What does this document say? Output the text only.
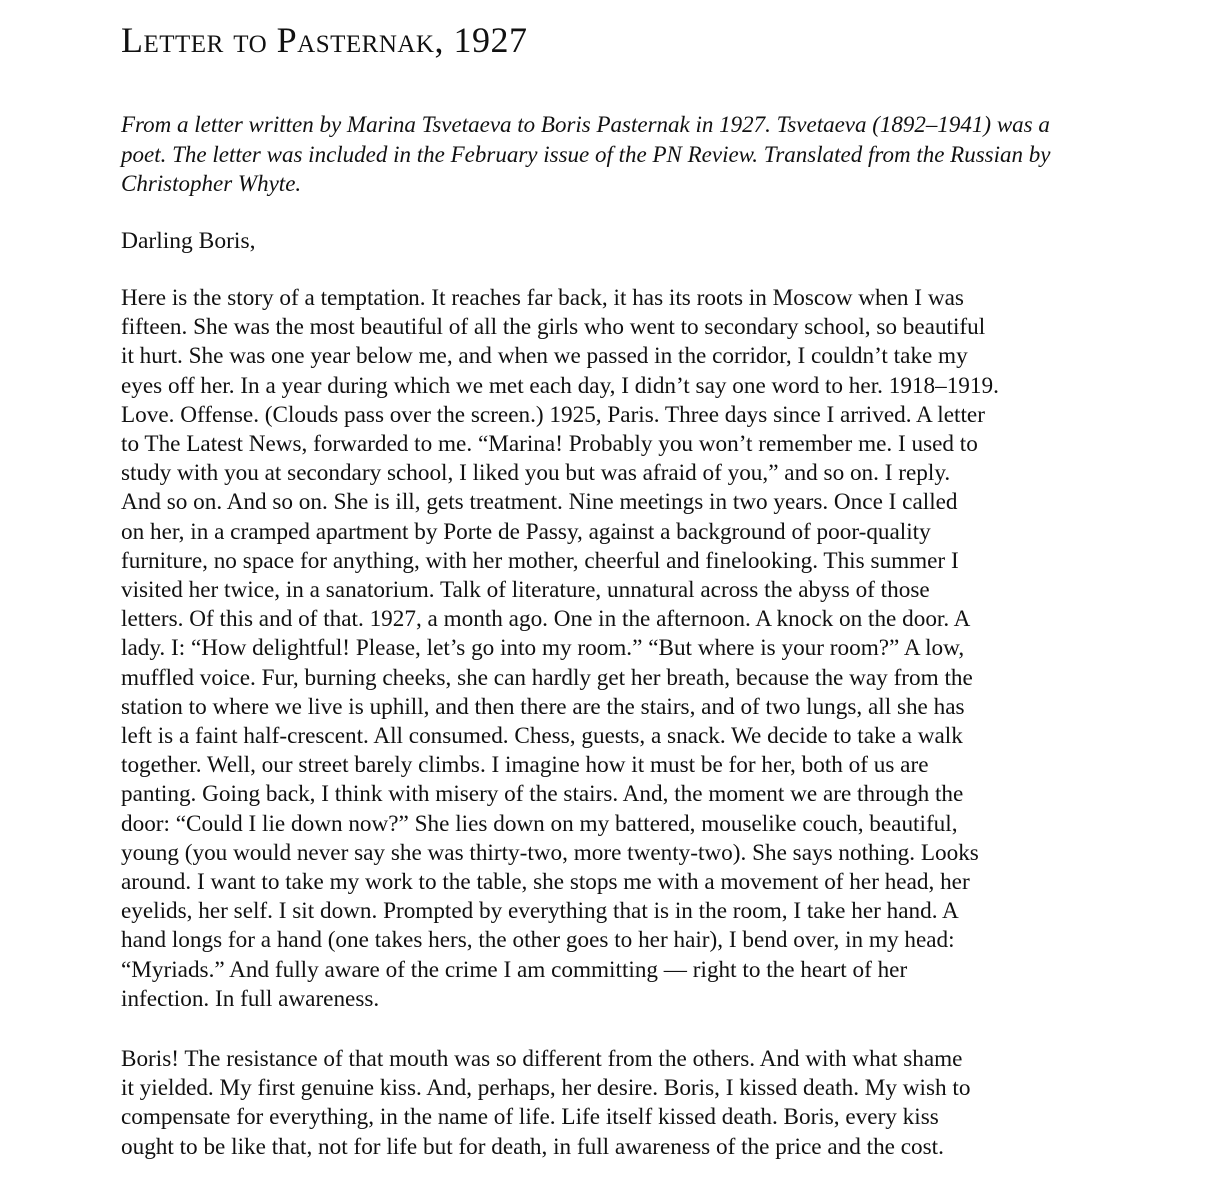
Letter to Pasternak, 1927

From a letter written by Marina Tsvetaeva to Boris Pasternak in 1927. Tsvetaeva (1892–1941) was a
poet. The letter was included in the February issue of the PN Review. Translated from the Russian by
Christopher Whyte.

Darling Boris,

Here is the story of a temptation. It reaches far back, it has its roots in Moscow when I was
fifteen. She was the most beautiful of all the girls who went to secondary school, so beautiful
it hurt. She was one year below me, and when we passed in the corridor, I couldn’t take my
eyes off her. In a year during which we met each day, I didn’t say one word to her. 1918–1919.
Love. Offense. (Clouds pass over the screen.) 1925, Paris. Three days since I arrived. A letter
to The Latest News, forwarded to me. “Marina! Probably you won’t remember me. I used to
study with you at secondary school, I liked you but was afraid of you,” and so on. I reply.
And so on. And so on. She is ill, gets treatment. Nine meetings in two years. Once I called
on her, in a cramped apartment by Porte de Passy, against a background of poor-quality
furniture, no space for anything, with her mother, cheerful and finelooking. This summer I
visited her twice, in a sanatorium. Talk of literature, unnatural across the abyss of those
letters. Of this and of that. 1927, a month ago. One in the afternoon. A knock on the door. A
lady. I: “How delightful! Please, let’s go into my room.” “But where is your room?” A low,
muffled voice. Fur, burning cheeks, she can hardly get her breath, because the way from the
station to where we live is uphill, and then there are the stairs, and of two lungs, all she has
left is a faint half-crescent. All consumed. Chess, guests, a snack. We decide to take a walk
together. Well, our street barely climbs. I imagine how it must be for her, both of us are
panting. Going back, I think with misery of the stairs. And, the moment we are through the
door: “Could I lie down now?” She lies down on my battered, mouselike couch, beautiful,
young (you would never say she was thirty-two, more twenty-two). She says nothing. Looks
around. I want to take my work to the table, she stops me with a movement of her head, her
eyelids, her self. I sit down. Prompted by everything that is in the room, I take her hand. A
hand longs for a hand (one takes hers, the other goes to her hair), I bend over, in my head:
“Myriads.” And fully aware of the crime I am committing — right to the heart of her
infection. In full awareness.

Boris! The resistance of that mouth was so different from the others. And with what shame
it yielded. My first genuine kiss. And, perhaps, her desire. Boris, I kissed death. My wish to
compensate for everything, in the name of life. Life itself kissed death. Boris, every kiss
ought to be like that, not for life but for death, in full awareness of the price and the cost.
